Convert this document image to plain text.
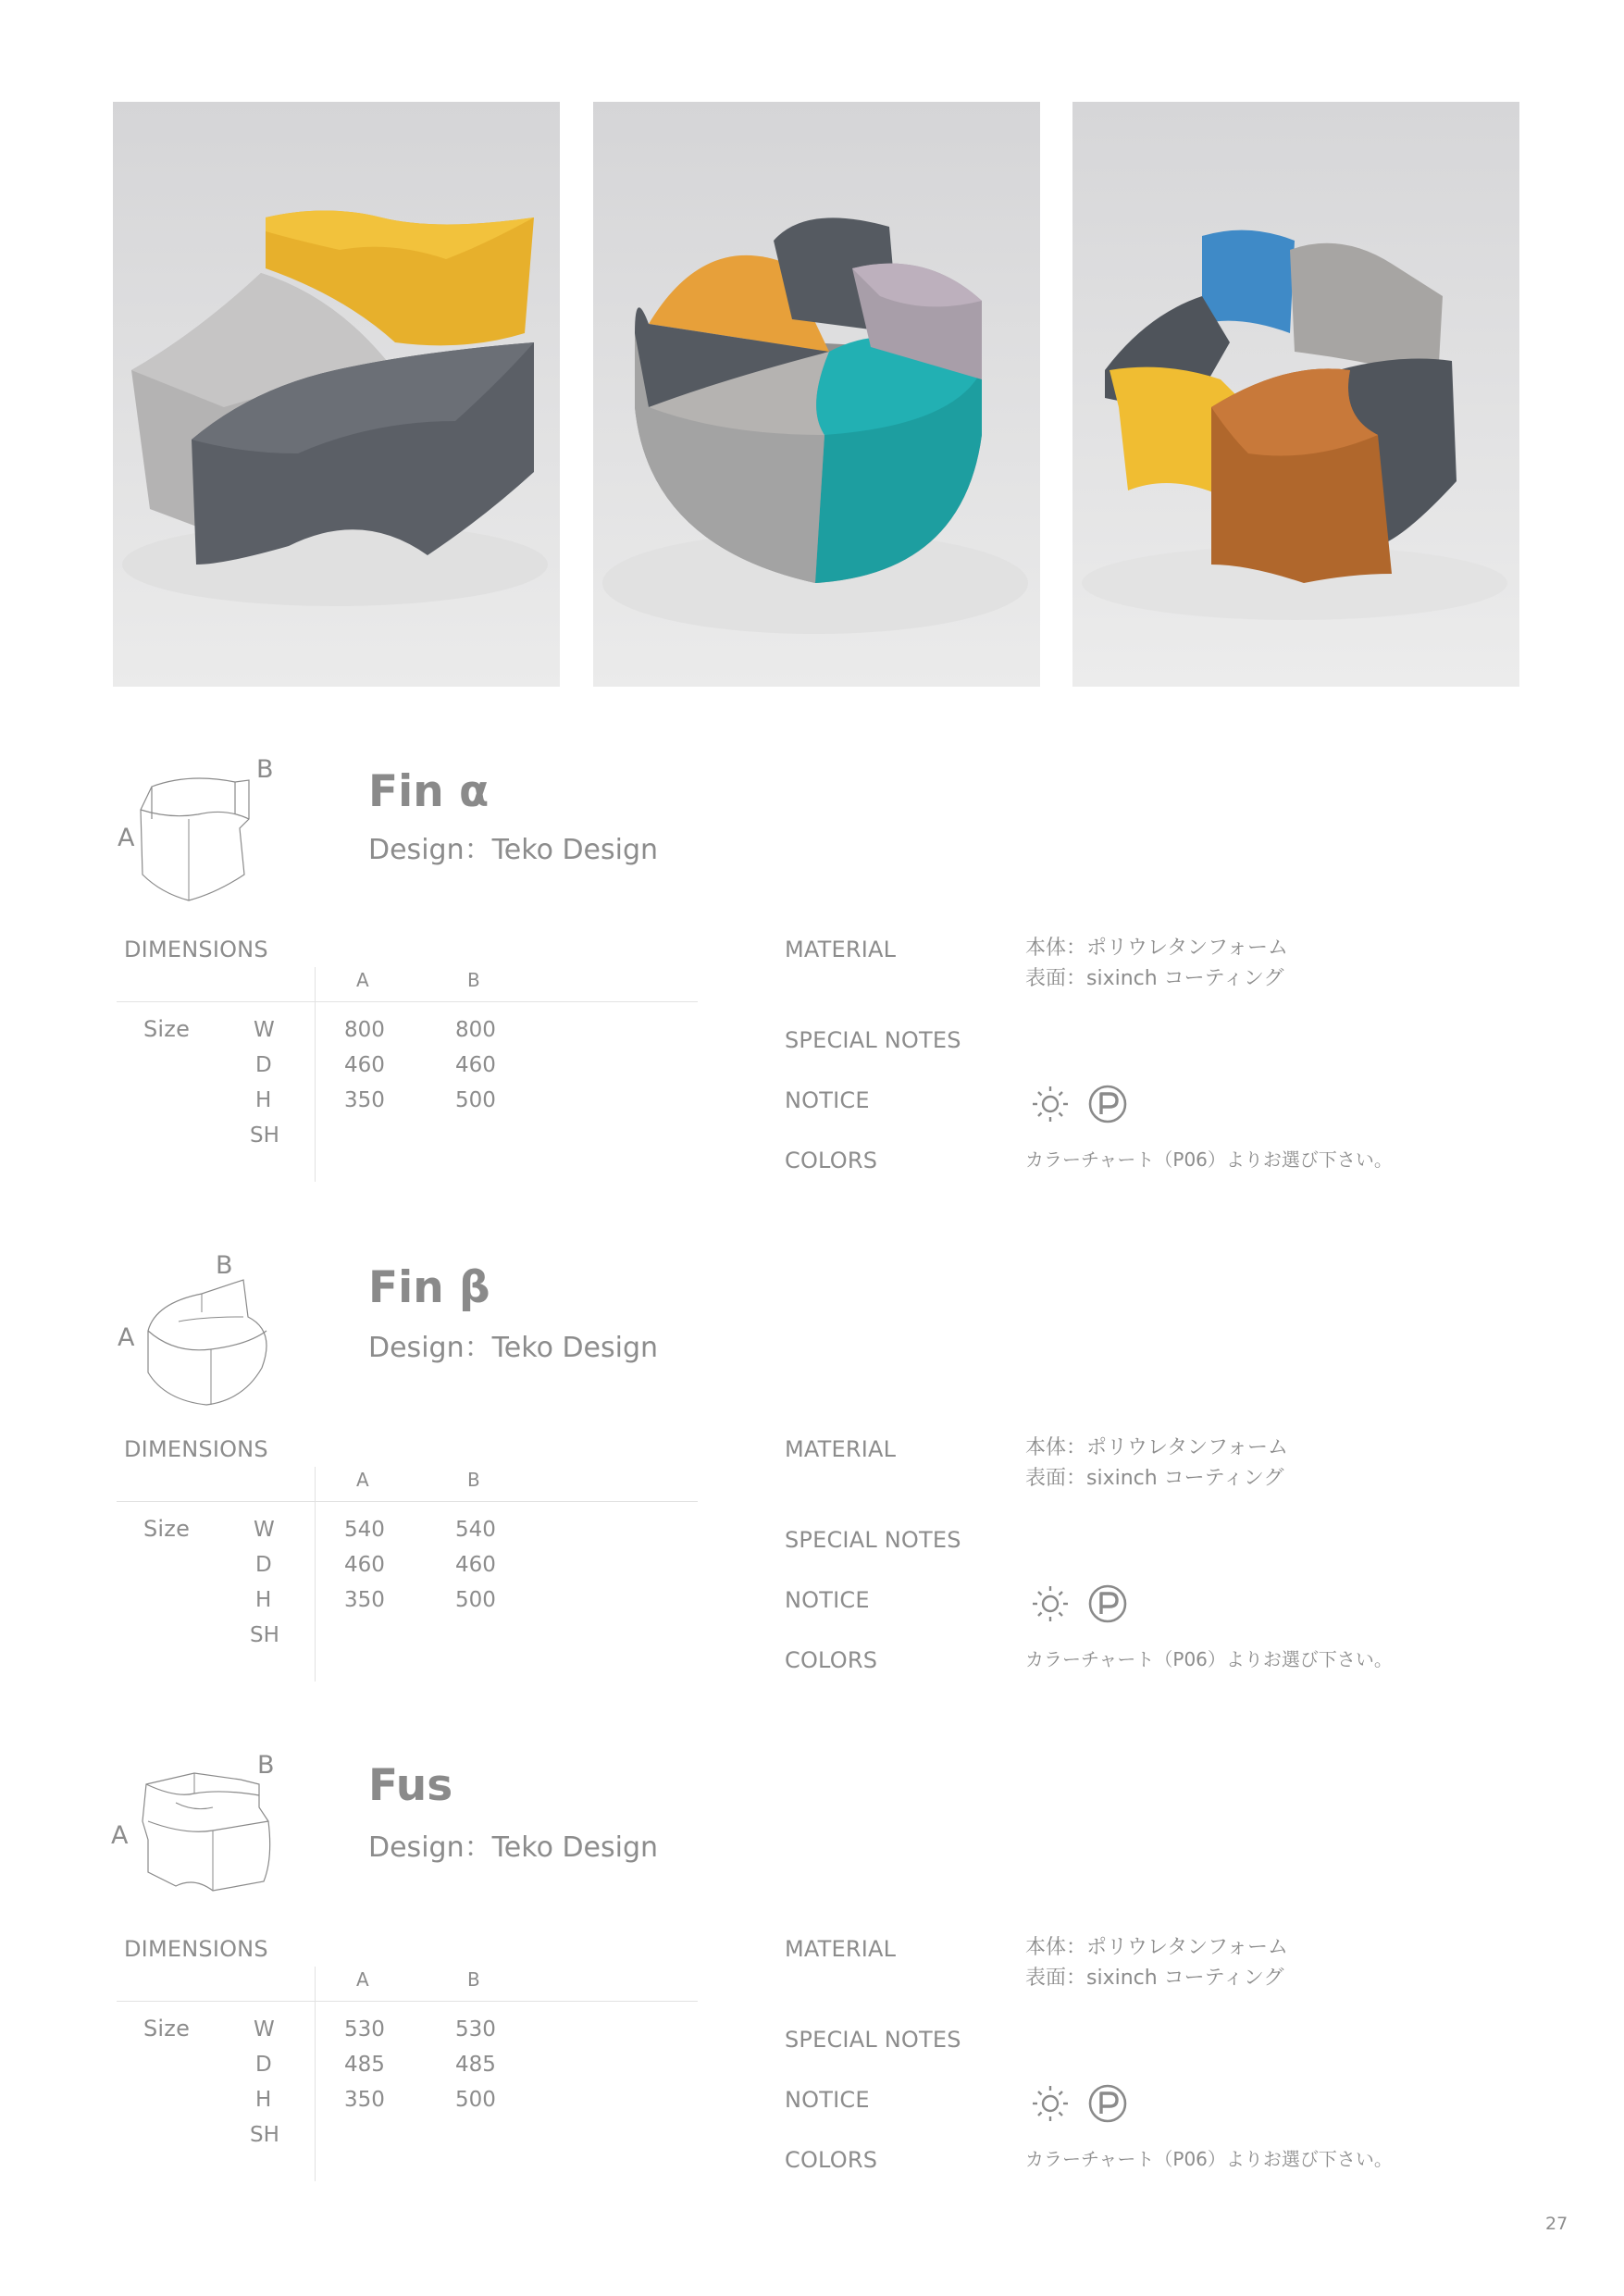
B
A
Fin α
Design：Teko Design
DIMENSIONS
A	B
Size	W	800	800
D	460	460
H	350	500
SH
MATERIAL	本体：ポリウレタンフォーム
表面：sixinch コーティング
SPECIAL NOTES
NOTICE
COLORS	カラーチャート（P06）よりお選び下さい。
B
A
Fin β
Design：Teko Design
DIMENSIONS
A	B
Size	W	540	540
D	460	460
H	350	500
SH
MATERIAL	本体：ポリウレタンフォーム
表面：sixinch コーティング
SPECIAL NOTES
NOTICE
COLORS	カラーチャート（P06）よりお選び下さい。
B
A
Fus
Design：Teko Design
DIMENSIONS
A	B
Size	W	530	530
D	485	485
H	350	500
SH
MATERIAL	本体：ポリウレタンフォーム
表面：sixinch コーティング
SPECIAL NOTES
NOTICE
COLORS	カラーチャート（P06）よりお選び下さい。
27
